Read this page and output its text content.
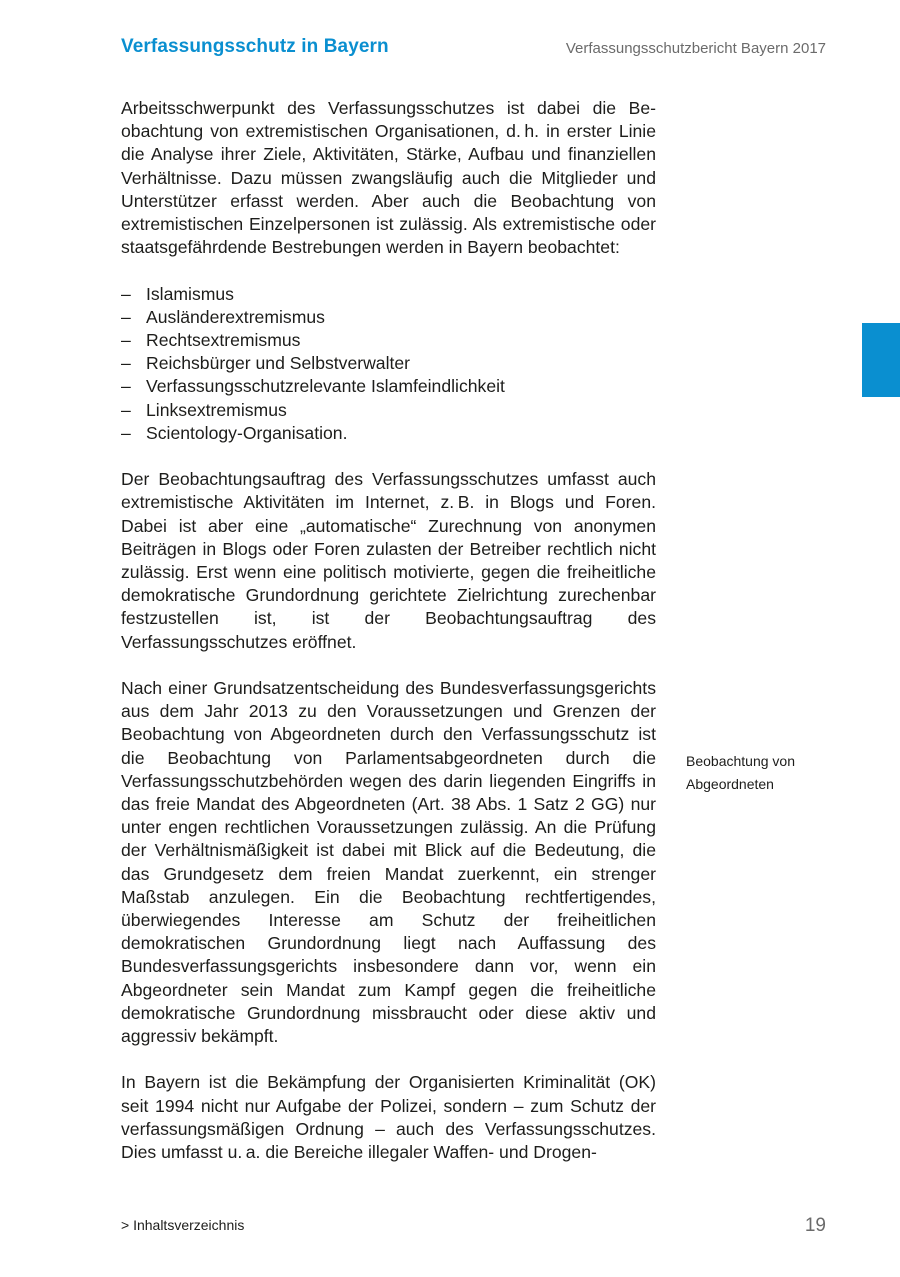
Verfassungsschutz in Bayern	Verfassungsschutzbericht Bayern 2017

Arbeitsschwerpunkt des Verfassungsschutzes ist dabei die Beobachtung von extremistischen Organisationen, d. h. in erster Linie die Analyse ihrer Ziele, Aktivitäten, Stärke, Aufbau und finanziellen Verhältnisse. Dazu müssen zwangsläufig auch die Mitglieder und Unterstützer erfasst werden. Aber auch die Beobachtung von extremistischen Einzelpersonen ist zulässig. Als extremistische oder staatsgefährdende Bestrebungen werden in Bayern beobachtet:

– Islamismus
– Ausländerextremismus
– Rechtsextremismus
– Reichsbürger und Selbstverwalter
– Verfassungsschutzrelevante Islamfeindlichkeit
– Linksextremismus
– Scientology-Organisation.

Der Beobachtungsauftrag des Verfassungsschutzes umfasst auch extremistische Aktivitäten im Internet, z. B. in Blogs und Foren. Dabei ist aber eine „automatische“ Zurechnung von anonymen Beiträgen in Blogs oder Foren zulasten der Betreiber rechtlich nicht zulässig. Erst wenn eine politisch motivierte, gegen die freiheitliche demokratische Grundordnung gerichtete Zielrichtung zurechenbar festzustellen ist, ist der Beobachtungsauftrag des Verfassungsschutzes eröffnet.

Nach einer Grundsatzentscheidung des Bundesverfassungsgerichts aus dem Jahr 2013 zu den Voraussetzungen und Grenzen der Beobachtung von Abgeordneten durch den Verfassungsschutz ist die Beobachtung von Parlamentsabgeordneten durch die Verfassungsschutzbehörden wegen des darin liegenden Eingriffs in das freie Mandat des Abgeordneten (Art. 38 Abs. 1 Satz 2 GG) nur unter engen rechtlichen Voraussetzungen zulässig. An die Prüfung der Verhältnismäßigkeit ist dabei mit Blick auf die Bedeutung, die das Grundgesetz dem freien Mandat zuerkennt, ein strenger Maßstab anzulegen. Ein die Beobachtung rechtfertigendes, überwiegendes Interesse am Schutz der freiheitlichen demokratischen Grundordnung liegt nach Auffassung des Bundesverfassungsgerichts insbesondere dann vor, wenn ein Abgeordneter sein Mandat zum Kampf gegen die freiheitliche demokratische Grundordnung missbraucht oder diese aktiv und aggressiv bekämpft.

In Bayern ist die Bekämpfung der Organisierten Kriminalität (OK) seit 1994 nicht nur Aufgabe der Polizei, sondern – zum Schutz der verfassungsmäßigen Ordnung – auch des Verfassungsschutzes. Dies umfasst u. a. die Bereiche illegaler Waffen- und Drogen-

Beobachtung von
Abgeordneten
> Inhaltsverzeichnis	19
